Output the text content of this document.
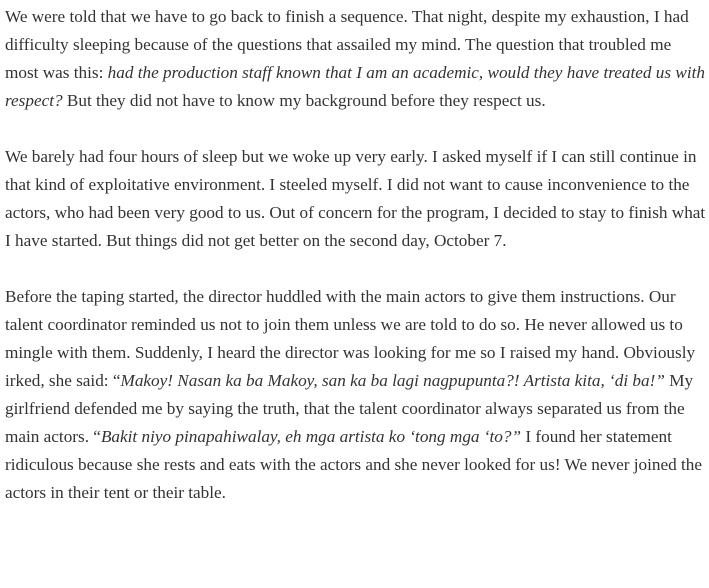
We were told that we have to go back to finish a sequence. That night, despite my exhaustion, I had difficulty sleeping because of the questions that assailed my mind. The question that troubled me most was this: had the production staff known that I am an academic, would they have treated us with respect? But they did not have to know my background before they respect us.

We barely had four hours of sleep but we woke up very early. I asked myself if I can still continue in that kind of exploitative environment. I steeled myself. I did not want to cause inconvenience to the actors, who had been very good to us. Out of concern for the program, I decided to stay to finish what I have started. But things did not get better on the second day, October 7.

Before the taping started, the director huddled with the main actors to give them instructions. Our talent coordinator reminded us not to join them unless we are told to do so. He never allowed us to mingle with them. Suddenly, I heard the director was looking for me so I raised my hand. Obviously irked, she said: “Makoy! Nasan ka ba Makoy, san ka ba lagi nagpupunta?! Artista kita, ‘di ba!” My girlfriend defended me by saying the truth, that the talent coordinator always separated us from the main actors. “Bakit niyo pinapahiwalay, eh mga artista ko ‘tong mga ‘to?” I found her statement ridiculous because she rests and eats with the actors and she never looked for us! We never joined the actors in their tent or their table.
